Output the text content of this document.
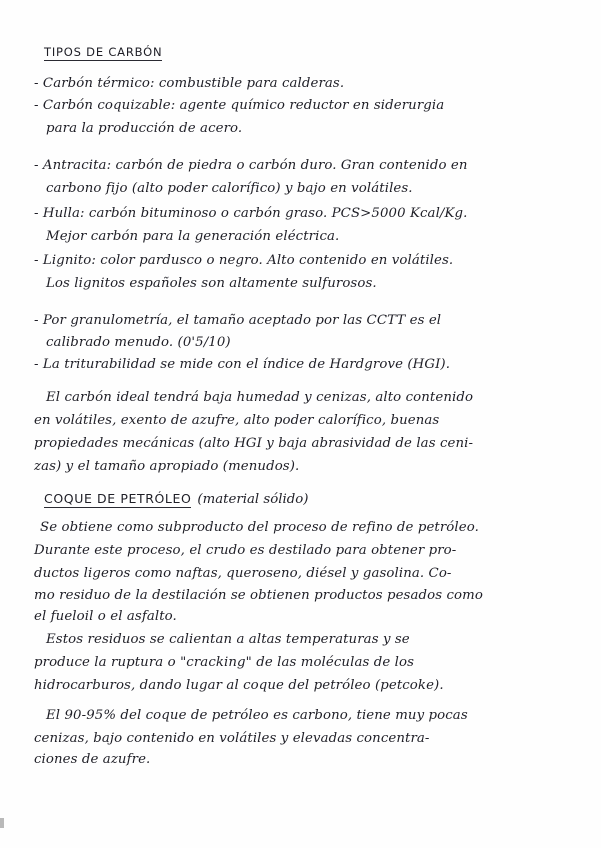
TIPOS DE CARBÓN
- Carbón térmico: combustible para calderas.
- Carbón coquizable: agente químico reductor en siderurgia
para la producción de acero.
- Antracita: carbón de piedra o carbón duro. Gran contenido en
carbono fijo (alto poder calorífico) y bajo en volátiles.
- Hulla: carbón bituminoso o carbón graso. PCS>5000 Kcal/Kg.
Mejor carbón para la generación eléctrica.
- Lignito: color pardusco o negro. Alto contenido en volátiles.
Los lignitos españoles son altamente sulfurosos.
- Por granulometría, el tamaño aceptado por las CCTT es el
calibrado menudo. (0'5/10)
- La triturabilidad se mide con el índice de Hardgrove (HGI).
El carbón ideal tendrá baja humedad y cenizas, alto contenido
en volátiles, exento de azufre, alto poder calorífico, buenas
propiedades mecánicas (alto HGI y baja abrasividad de las ceni-
zas) y el tamaño apropiado (menudos).
COQUE DE PETRÓLEO (material sólido)
Se obtiene como subproducto del proceso de refino de petróleo.
Durante este proceso, el crudo es destilado para obtener pro-
ductos ligeros como naftas, queroseno, diésel y gasolina. Co-
mo residuo de la destilación se obtienen productos pesados como
el fueloil o el asfalto.
Estos residuos se calientan a altas temperaturas y se
produce la ruptura o "cracking" de las moléculas de los
hidrocarburos, dando lugar al coque del petróleo (petcoke).
El 90-95% del coque de petróleo es carbono, tiene muy pocas
cenizas, bajo contenido en volátiles y elevadas concentra-
ciones de azufre.
